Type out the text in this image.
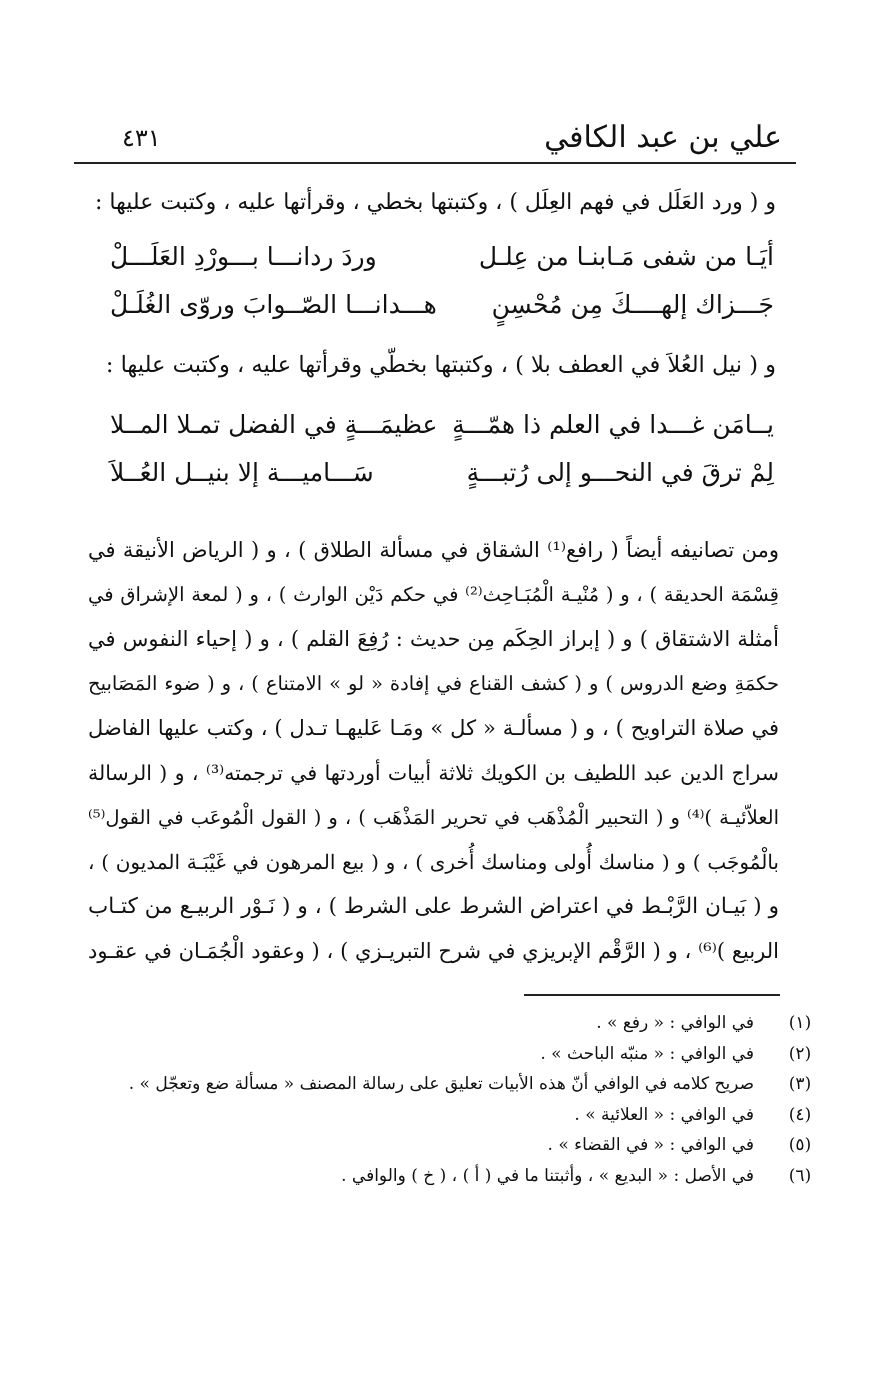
علي بن عبد الكافي
٤٣١
و ( ورد العَلَل في فهم العِلَل ) ، وكتبتها بخطي ، وقرأتها عليه ، وكتبت عليها :
أيَـا من شفى مَـابنـا من عِلـل
وردَ ردانـــا بـــورْدِ العَلَـــلْ
جَـــزاك إلهــــكَ مِن مُحْسِنٍ
هـــدانـــا الصّــوابَ وروّى الغُلَـلْ
و ( نيل العُلاَ في العطف بلا ) ، وكتبتها بخطّي وقرأتها عليه ، وكتبت عليها :
يــامَن غـــدا في العلم ذا همّـــةٍ
عظيمَـــةٍ في الفضل تمـلا المــلا
لِمْ ترقَ في النحـــو إلى رُتبـــةٍ
سَـــاميـــة إلا بنيــل العُــلاَ
ومن تصانيفه أيضاً ( رافع⁽¹⁾ الشقاق في مسألة الطلاق ) ، و ( الرياض الأنيقة في
قِسْمَة الحديقة ) ، و ( مُنْيـة الْمُبَـاحِث⁽²⁾ في حكم دَيْن الوارث ) ، و ( لمعة الإشراق في
أمثلة الاشتقاق ) و ( إبراز الحِكَم مِن حديث : رُفِعَ القلم ) ، و ( إحياء النفوس في
حكمَةِ وضع الدروس ) و ( كشف القناع في إفادة « لو » الامتناع ) ، و ( ضوء المَصَابيح
في صلاة التراويح ) ، و ( مسألـة « كل » ومَـا عَليهـا تـدل ) ، وكتب عليها الفاضل
سراج الدين عبد اللطيف بن الكويك ثلاثة أبيات أوردتها في ترجمته⁽³⁾ ، و ( الرسالة
العلاّئيـة )⁽⁴⁾ و ( التحبير الْمُذْهَب في تحرير المَذْهَب ) ، و ( القول الْمُوعَب في القول⁽⁵⁾
بالْمُوجَب ) و ( مناسك أُولى ومناسك أُخرى ) ، و ( بيع المرهون في غَيْبَـة المديون ) ،
و ( بَيـان الرَّبْـط في اعتراض الشرط على الشرط ) ، و ( نَـوْر الربيـع من كتـاب
الربيع )⁽⁶⁾ ، و ( الرَّقْم الإبريزي في شرح التبريـزي ) ، ( وعقود الْجُمَـان في عقـود
(١)
في الوافي : « رفع » .
(٢)
في الوافي : « منبّه الباحث » .
(٣)
صريح كلامه في الوافي أنّ هذه الأبيات تعليق على رسالة المصنف « مسألة ضع وتعجّل » .
(٤)
في الوافي : « العلائية » .
(٥)
في الوافي : « في القضاء » .
(٦)
في الأصل : « البديع » ، وأثبتنا ما في ( أ ) ، ( خ ) والوافي .
